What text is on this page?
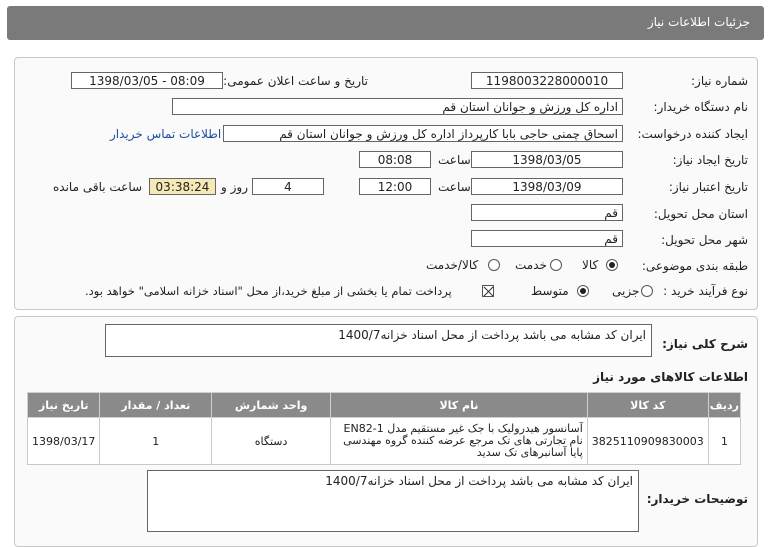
جزئیات اطلاعات نیاز
شماره نیاز:
1198003228000010
تاریخ و ساعت اعلان عمومی:
1398/03/05 - 08:09
نام دستگاه خریدار:
اداره کل ورزش و جوانان استان قم
ایجاد کننده درخواست:
اسحاق چمنی حاجی بابا کارپرداز اداره کل ورزش و جوانان استان قم
اطلاعات تماس خریدار
تاریخ ایجاد نیاز:
1398/03/05
ساعت
08:08
تاریخ اعتبار نیاز:
1398/03/09
ساعت
12:00
4
روز و
03:38:24
ساعت باقی مانده
استان محل تحویل:
قم
شهر محل تحویل:
قم
طبقه بندی موضوعی:
کالا
خدمت
کالا/خدمت
نوع فرآیند خرید :
جزیی
متوسط
پرداخت تمام یا بخشی از مبلغ خرید،از محل "اسناد خزانه اسلامی" خواهد بود.
شرح کلی نیاز:
ایران کد مشابه می باشد پرداخت از محل اسناد خزانه1400/7
اطلاعات کالاهای مورد نیاز
ردیف	کد کالا	نام کالا	واحد شمارش	تعداد / مقدار	تاریخ نیاز
1	3825110909830003	آسانسور هیدرولیک با جک غیر مستقیم مدل EN82-1 نام تجارتی های تک مرجع عرضه کننده گروه مهندسی پایا آسانبرهای تک سدید	دستگاه	1	1398/03/17
توضیحات خریدار:
ایران کد مشابه می باشد پرداخت از محل اسناد خزانه1400/7
